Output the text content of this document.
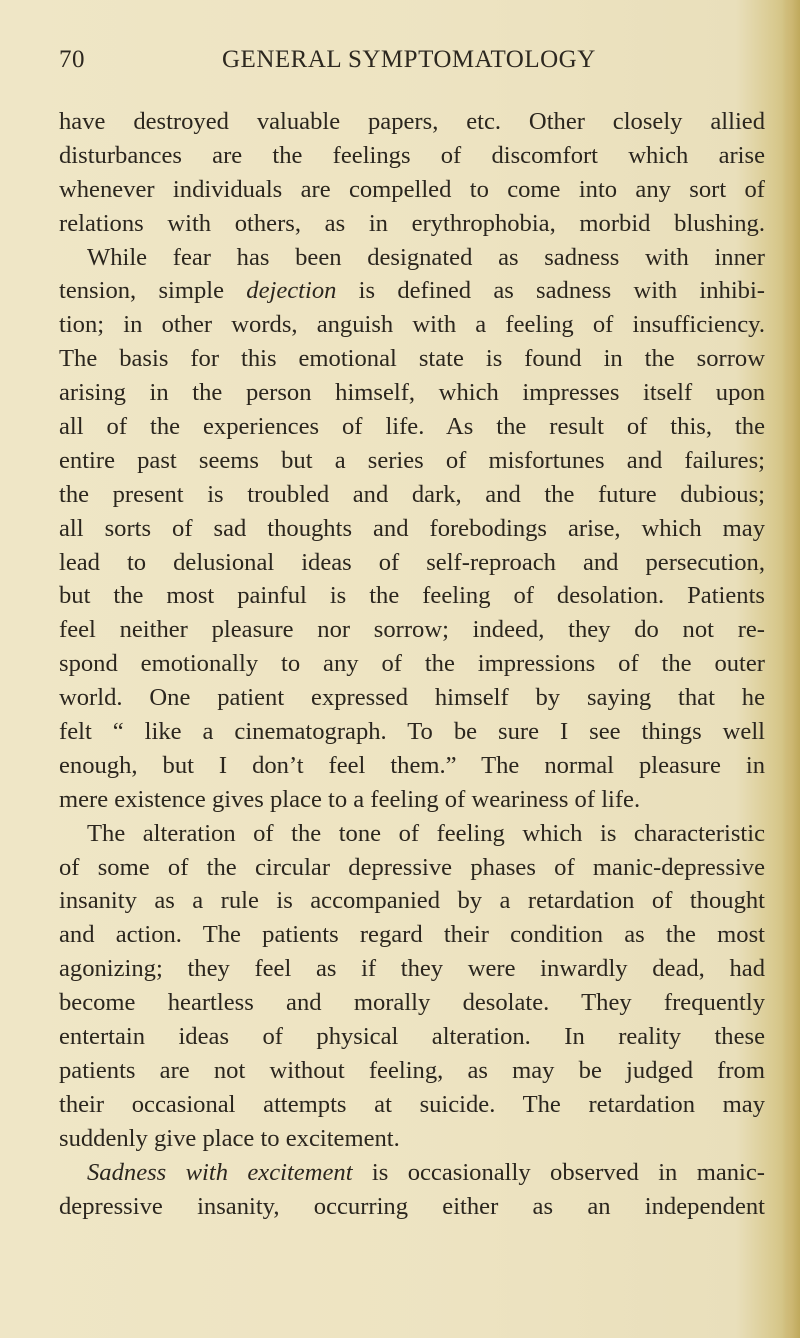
70	GENERAL SYMPTOMATOLOGY
have destroyed valuable papers, etc. Other closely allied
disturbances are the feelings of discomfort which arise
whenever individuals are compelled to come into any sort of
relations with others, as in erythrophobia, morbid blushing.
While fear has been designated as sadness with inner
tension, simple dejection is defined as sadness with inhibi-
tion; in other words, anguish with a feeling of insufficiency.
The basis for this emotional state is found in the sorrow
arising in the person himself, which impresses itself upon
all of the experiences of life. As the result of this, the
entire past seems but a series of misfortunes and failures;
the present is troubled and dark, and the future dubious;
all sorts of sad thoughts and forebodings arise, which may
lead to delusional ideas of self-reproach and persecution,
but the most painful is the feeling of desolation. Patients
feel neither pleasure nor sorrow; indeed, they do not re-
spond emotionally to any of the impressions of the outer
world. One patient expressed himself by saying that he
felt “ like a cinematograph. To be sure I see things well
enough, but I don’t feel them.” The normal pleasure in
mere existence gives place to a feeling of weariness of life.
The alteration of the tone of feeling which is characteristic
of some of the circular depressive phases of manic-depressive
insanity as a rule is accompanied by a retardation of thought
and action. The patients regard their condition as the most
agonizing; they feel as if they were inwardly dead, had
become heartless and morally desolate. They frequently
entertain ideas of physical alteration. In reality these
patients are not without feeling, as may be judged from
their occasional attempts at suicide. The retardation may
suddenly give place to excitement.
Sadness with excitement is occasionally observed in manic-
depressive insanity, occurring either as an independent
